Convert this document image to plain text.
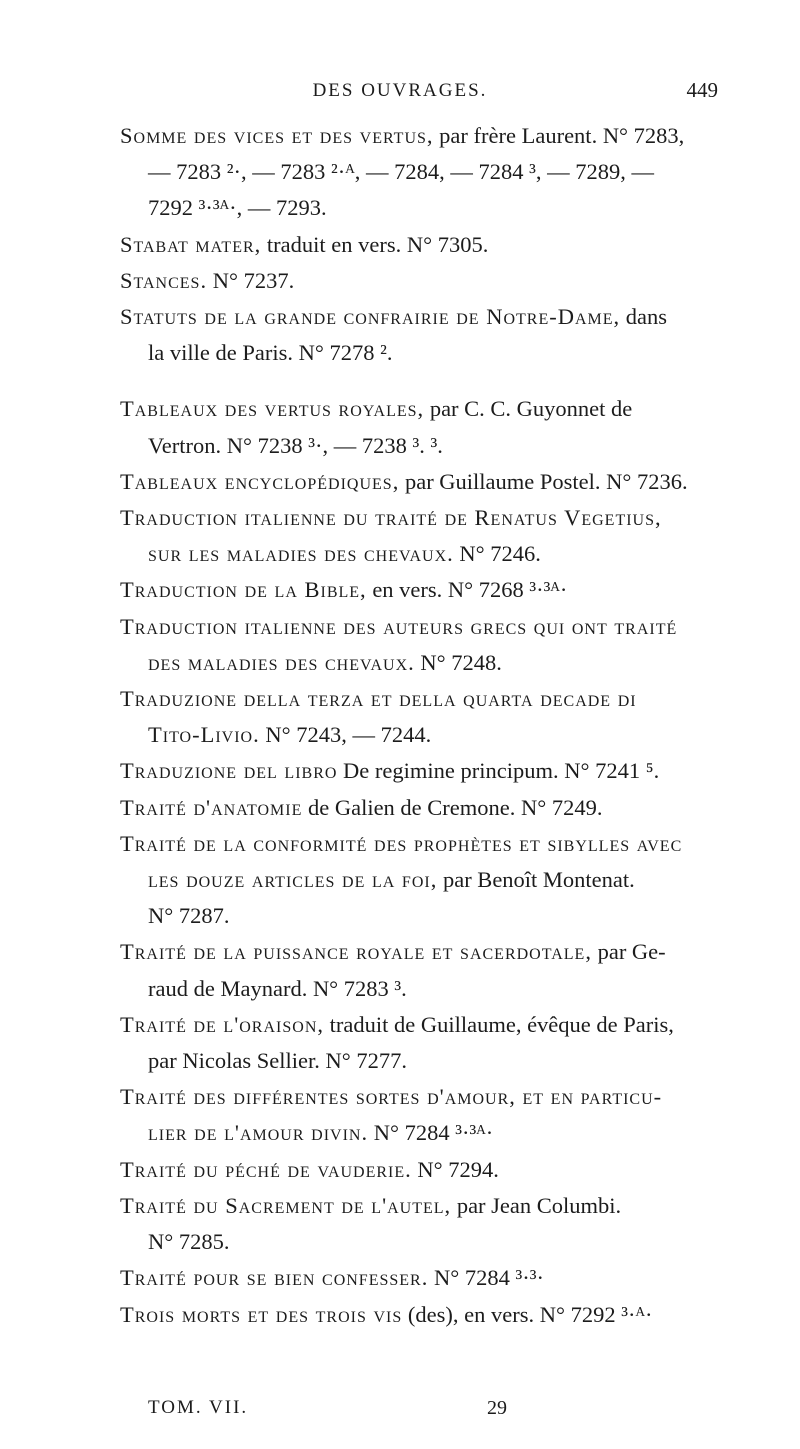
DES OUVRAGES.	449
Somme des vices et des vertus, par frère Laurent. N° 7283,
— 7283 ²·, — 7283 ²·ᴬ, — 7284, — 7284 ³, — 7289, —
7292 ³·³ᴬ·, — 7293.
Stabat mater, traduit en vers. N° 7305.
Stances. N° 7237.
Statuts de la grande confrairie de Notre-Dame, dans
la ville de Paris. N° 7278 ².
Tableaux des vertus royales, par C. C. Guyonnet de
Vertron. N° 7238 ³·, — 7238 ³. ³.
Tableaux encyclopédiques, par Guillaume Postel. N° 7236.
Traduction italienne du traité de Renatus Vegetius,
sur les maladies des chevaux. N° 7246.
Traduction de la Bible, en vers. N° 7268 ³·³ᴬ·
Traduction italienne des auteurs grecs qui ont traité
des maladies des chevaux. N° 7248.
Traduzione della terza et della quarta decade di
Tito-Livio. N° 7243, — 7244.
Traduzione del libro De regimine principum. N° 7241 ⁵.
Traité d'anatomie de Galien de Cremone. N° 7249.
Traité de la conformité des prophètes et sibylles avec
les douze articles de la foi, par Benoît Montenat.
N° 7287.
Traité de la puissance royale et sacerdotale, par Ge-
raud de Maynard. N° 7283 ³.
Traité de l'oraison, traduit de Guillaume, évêque de Paris,
par Nicolas Sellier. N° 7277.
Traité des différentes sortes d'amour, et en particu-
lier de l'amour divin. N° 7284 ³·³ᴬ·
Traité du péché de vauderie. N° 7294.
Traité du Sacrement de l'autel, par Jean Columbi.
N° 7285.
Traité pour se bien confesser. N° 7284 ³·³·
Trois morts et des trois vis (des), en vers. N° 7292 ³·ᴬ·
TOM. VII.	29
